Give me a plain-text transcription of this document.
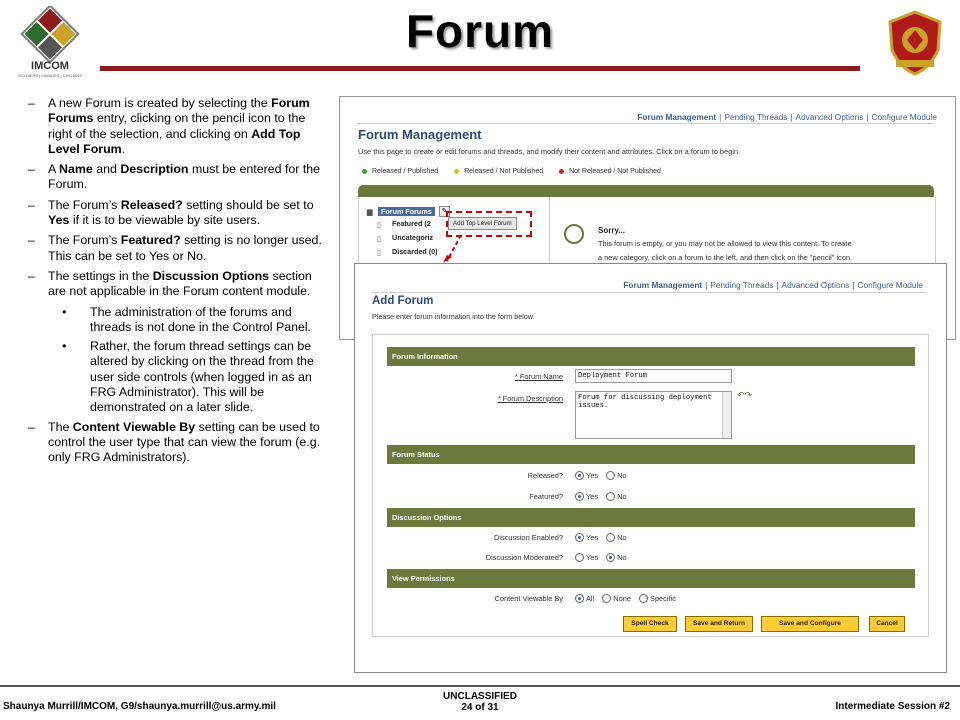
IMCOM
SOLDIERS | FAMILIES | CIVILIANS
Forum
– A new Forum is created by selecting the Forum Forums entry, clicking on the pencil icon to the right of the selection, and clicking on Add Top Level Forum.
– A Name and Description must be entered for the Forum.
– The Forum’s Released? setting should be set to Yes if it is to be viewable by site users.
– The Forum’s Featured? setting is no longer used. This can be set to Yes or No.
– The settings in the Discussion Options section are not applicable in the Forum content module.
• The administration of the forums and threads is not done in the Control Panel.
• Rather, the forum thread settings can be altered by clicking on the thread from the user side controls (when logged in as an FRG Administrator). This will be demonstrated on a later slide.
– The Content Viewable By setting can be used to control the user type that can view the forum (e.g. only FRG Administrators).
Forum Management | Pending Threads | Advanced Options | Configure Module
Forum Management
Use this page to create or edit forums and threads, and modify their content and attributes. Click on a forum to begin.
Released / Published	Released / Not Published	Not Released / Not Published
▆	Forum Forums	✎
▯ Featured (2
▯ Uncategoriz
▯ Discarded (0)
Add Top Level Forum
Sorry...
This forum is empty, or you may not be allowed to view this content. To create
a new category, click on a forum to the left, and then click on the "pencil" icon.
Forum Management | Pending Threads | Advanced Options | Configure Module
Add Forum
Please enter forum information into the form below.
Forum Information
* Forum Name
Deployment Forum
* Forum Description	Forum for discussing deployment issues.
↶↷
Forum Status
Released?	Yes	No
Featured?	Yes	No
Discussion Options
Discussion Enabled?	Yes	No
Discussion Moderated?	Yes	No
View Permissions
Content Viewable By	All	None	Specific
Spell Check	Save and Return	Save and Configure	Cancel
Shaunya Murrill/IMCOM, G9/shaunya.murrill@us.army.mil
UNCLASSIFIED
24 of 31	Intermediate Session #2
